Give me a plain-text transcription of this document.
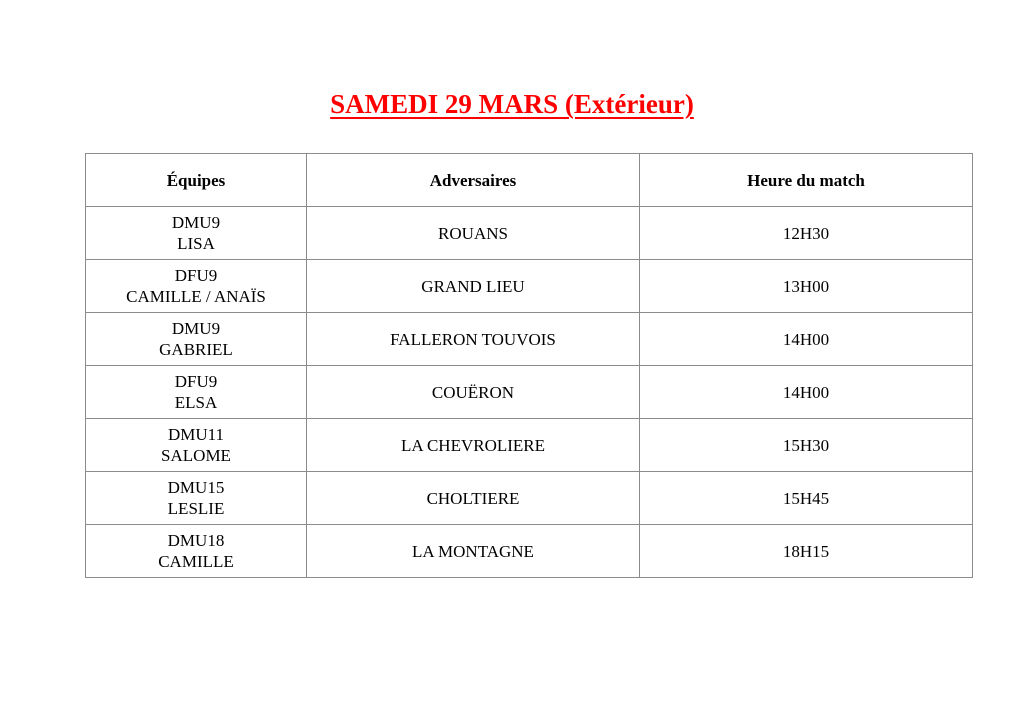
SAMEDI 29 MARS (Extérieur)
Équipes	Adversaires	Heure du match

DMU9
LISA	ROUANS	12H30

DFU9
CAMILLE / ANAÏS	GRAND LIEU	13H00

DMU9
GABRIEL	FALLERON TOUVOIS	14H00

DFU9
ELSA	COUËRON	14H00

DMU11
SALOME	LA CHEVROLIERE	15H30

DMU15
LESLIE	CHOLTIERE	15H45

DMU18
CAMILLE	LA MONTAGNE	18H15
